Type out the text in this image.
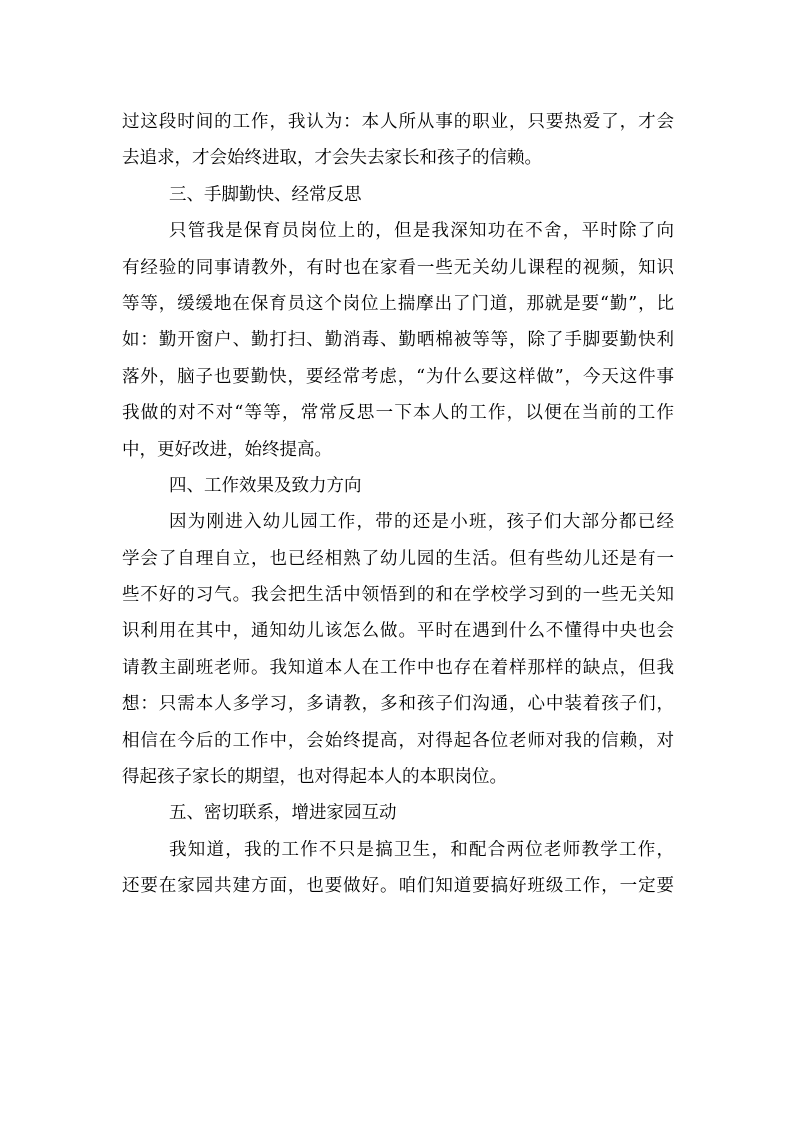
过这段时间的工作，我认为：本人所从事的职业，只要热爱了，才会
去追求，才会始终进取，才会失去家长和孩子的信赖。
三、手脚勤快、经常反思
只管我是保育员岗位上的，但是我深知功在不舍，平时除了向
有经验的同事请教外，有时也在家看一些无关幼儿课程的视频，知识
等等，缓缓地在保育员这个岗位上揣摩出了门道，那就是要“勤”，比
如：勤开窗户、勤打扫、勤消毒、勤晒棉被等等，除了手脚要勤快利
落外，脑子也要勤快，要经常考虑，“为什么要这样做”，今天这件事
我做的对不对“等等，常常反思一下本人的工作，以便在当前的工作
中，更好改进，始终提高。
四、工作效果及致力方向
因为刚进入幼儿园工作，带的还是小班，孩子们大部分都已经
学会了自理自立，也已经相熟了幼儿园的生活。但有些幼儿还是有一
些不好的习气。我会把生活中领悟到的和在学校学习到的一些无关知
识利用在其中，通知幼儿该怎么做。平时在遇到什么不懂得中央也会
请教主副班老师。我知道本人在工作中也存在着样那样的缺点，但我
想：只需本人多学习，多请教，多和孩子们沟通，心中装着孩子们，
相信在今后的工作中，会始终提高，对得起各位老师对我的信赖，对
得起孩子家长的期望，也对得起本人的本职岗位。
五、密切联系，增进家园互动
我知道，我的工作不只是搞卫生，和配合两位老师教学工作，
还要在家园共建方面，也要做好。咱们知道要搞好班级工作，一定要
